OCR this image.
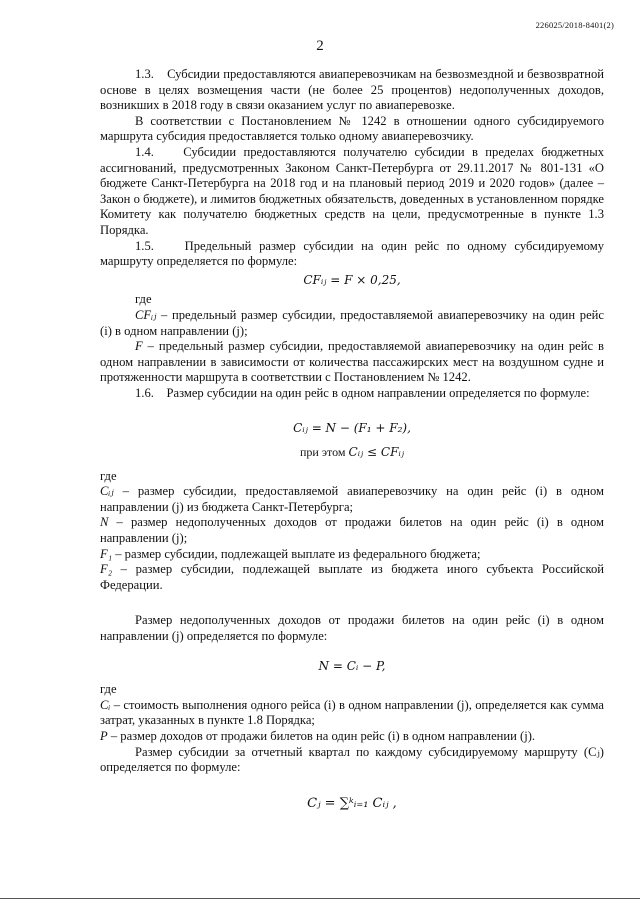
226025/2018-8401(2)
2

1.3.    Субсидии предоставляются авиаперевозчикам на безвозмездной и безвозвратной основе в целях возмещения части (не более 25 процентов) недополученных доходов, возникших в 2018 году в связи оказанием услуг по авиаперевозке.

В соответствии с Постановлением № 1242 в отношении одного субсидируемого маршрута субсидия предоставляется только одному авиаперевозчику.

1.4.    Субсидии предоставляются получателю субсидии в пределах бюджетных ассигнований, предусмотренных Законом Санкт-Петербурга от 29.11.2017 № 801-131 «О бюджете Санкт-Петербурга на 2018 год и на плановый период 2019 и 2020 годов» (далее – Закон о бюджете), и лимитов бюджетных обязательств, доведенных в установленном порядке Комитету как получателю бюджетных средств на цели, предусмотренные в пункте 1.3 Порядка.

1.5.    Предельный размер субсидии на один рейс по одному субсидируемому маршруту определяется по формуле:

CFᵢⱼ = F × 0,25,

где

CFᵢⱼ – предельный размер субсидии, предоставляемой авиаперевозчику на один рейс (i) в одном направлении (j);

F – предельный размер субсидии, предоставляемой авиаперевозчику на один рейс в одном направлении в зависимости от количества пассажирских мест на воздушном судне и протяженности маршрута в соответствии с Постановлением № 1242.

1.6.    Размер субсидии на один рейс в одном направлении определяется по формуле:

Cᵢⱼ = N − (F₁ + F₂),
при этом Cᵢⱼ ≤ CFᵢⱼ

где

Cᵢⱼ – размер субсидии, предоставляемой авиаперевозчику на один рейс (i) в одном направлении (j) из бюджета Санкт-Петербурга;

N – размер недополученных доходов от продажи билетов на один рейс (i) в одном направлении (j);

F₁ – размер субсидии, подлежащей выплате из федерального бюджета;

F₂ – размер субсидии, подлежащей выплате из бюджета иного субъекта Российской Федерации.

Размер недополученных доходов от продажи билетов на один рейс (i) в одном направлении (j) определяется по формуле:

N = Cᵢ − P,

где

Cᵢ – стоимость выполнения одного рейса (i) в одном направлении (j), определяется как сумма затрат, указанных в пункте 1.8 Порядка;

P – размер доходов от продажи билетов на один рейс (i) в одном направлении (j).

Размер субсидии за отчетный квартал по каждому субсидируемому маршруту (Cⱼ) определяется по формуле:

Cⱼ = ∑ᵏᵢ₌₁ Cᵢⱼ ,
